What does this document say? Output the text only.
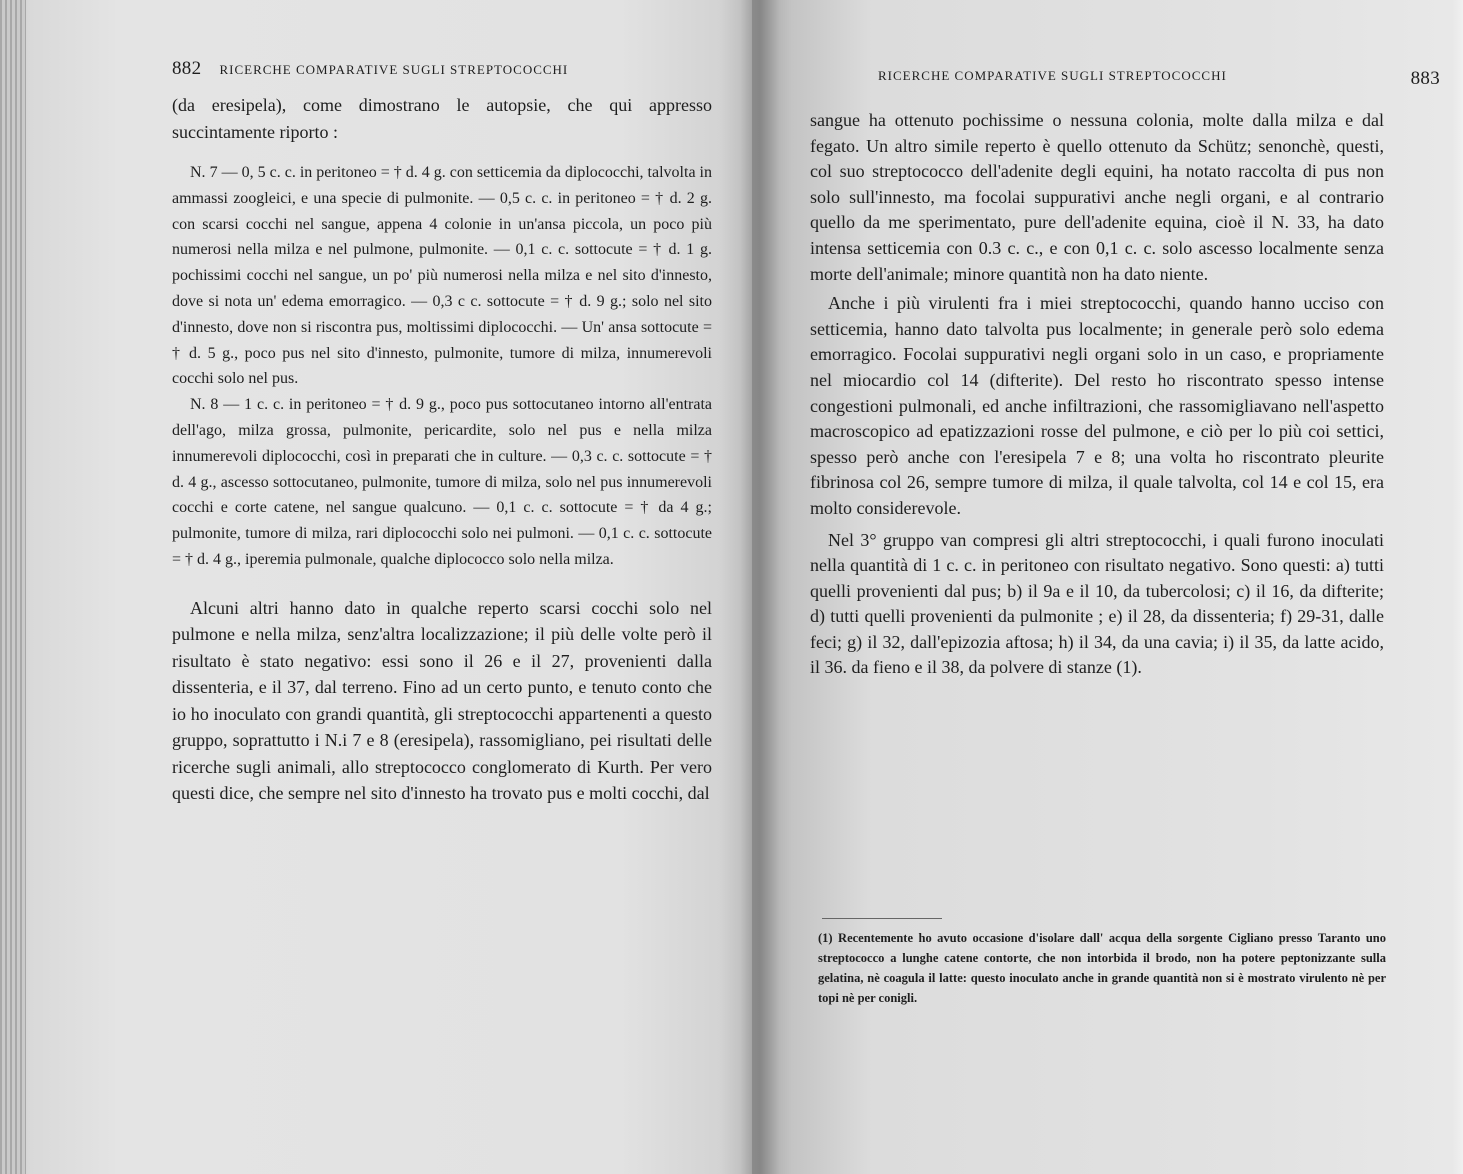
882 RICERCHE COMPARATIVE SUGLI STREPTOCOCCHI

(da eresipela), come dimostrano le autopsie, che qui appresso succintamente riporto :

N. 7 — 0, 5 c. c. in peritoneo = † d. 4 g. con setticemia da diplococchi, talvolta in ammassi zoogleici, e una specie di pulmonite. — 0,5 c. c. in peritoneo = † d. 2 g. con scarsi cocchi nel sangue, appena 4 colonie in un'ansa piccola, un poco più numerosi nella milza e nel pulmone, pulmonite. — 0,1 c. c. sottocute = † d. 1 g. pochissimi cocchi nel sangue, un po' più numerosi nella milza e nel sito d'innesto, dove si nota un' edema emorragico. — 0,3 c c. sottocute = † d. 9 g.; solo nel sito d'innesto, dove non si riscontra pus, moltissimi diplococchi. — Un' ansa sottocute = † d. 5 g., poco pus nel sito d'innesto, pulmonite, tumore di milza, innumerevoli cocchi solo nel pus.

N. 8 — 1 c. c. in peritoneo = † d. 9 g., poco pus sottocutaneo intorno all'entrata dell'ago, milza grossa, pulmonite, pericardite, solo nel pus e nella milza innumerevoli diplococchi, così in preparati che in culture. — 0,3 c. c. sottocute = † d. 4 g., ascesso sottocutaneo, pulmonite, tumore di milza, solo nel pus innumerevoli cocchi e corte catene, nel sangue qualcuno. — 0,1 c. c. sottocute = † da 4 g.; pulmonite, tumore di milza, rari diplococchi solo nei pulmoni. — 0,1 c. c. sottocute = † d. 4 g., iperemia pulmonale, qualche diplococco solo nella milza.

Alcuni altri hanno dato in qualche reperto scarsi cocchi solo nel pulmone e nella milza, senz'altra localizzazione; il più delle volte però il risultato è stato negativo: essi sono il 26 e il 27, provenienti dalla dissenteria, e il 37, dal terreno. Fino ad un certo punto, e tenuto conto che io ho inoculato con grandi quantità, gli streptococchi appartenenti a questo gruppo, soprattutto i N.i 7 e 8 (eresipela), rassomigliano, pei risultati delle ricerche sugli animali, allo streptococco conglomerato di Kurth. Per vero questi dice, che sempre nel sito d'innesto ha trovato pus e molti cocchi, dal

RICERCHE COMPARATIVE SUGLI STREPTOCOCCHI	883

sangue ha ottenuto pochissime o nessuna colonia, molte dalla milza e dal fegato. Un altro simile reperto è quello ottenuto da Schütz; senonchè, questi, col suo streptococco dell'adenite degli equini, ha notato raccolta di pus non solo sull'innesto, ma focolai suppurativi anche negli organi, e al contrario quello da me sperimentato, pure dell'adenite equina, cioè il N. 33, ha dato intensa setticemia con 0.3 c. c., e con 0,1 c. c. solo ascesso localmente senza morte dell'animale; minore quantità non ha dato niente.

Anche i più virulenti fra i miei streptococchi, quando hanno ucciso con setticemia, hanno dato talvolta pus localmente; in generale però solo edema emorragico. Focolai suppurativi negli organi solo in un caso, e propriamente nel miocardio col 14 (difterite). Del resto ho riscontrato spesso intense congestioni pulmonali, ed anche infiltrazioni, che rassomigliavano nell'aspetto macroscopico ad epatizzazioni rosse del pulmone, e ciò per lo più coi settici, spesso però anche con l'eresipela 7 e 8; una volta ho riscontrato pleurite fibrinosa col 26, sempre tumore di milza, il quale talvolta, col 14 e col 15, era molto considerevole.

Nel 3° gruppo van compresi gli altri streptococchi, i quali furono inoculati nella quantità di 1 c. c. in peritoneo con risultato negativo. Sono questi: a) tutti quelli provenienti dal pus; b) il 9a e il 10, da tubercolosi; c) il 16, da difterite; d) tutti quelli provenienti da pulmonite ; e) il 28, da dissenteria; f) 29-31, dalle feci; g) il 32, dall'epizozia aftosa; h) il 34, da una cavia; i) il 35, da latte acido, il 36. da fieno e il 38, da polvere di stanze (1).

(1) Recentemente ho avuto occasione d'isolare dall' acqua della sorgente Cigliano presso Taranto uno streptococco a lunghe catene contorte, che non intorbida il brodo, non ha potere peptonizzante sulla gelatina, nè coagula il latte: questo inoculato anche in grande quantità non si è mostrato virulento nè per topi nè per conigli.
